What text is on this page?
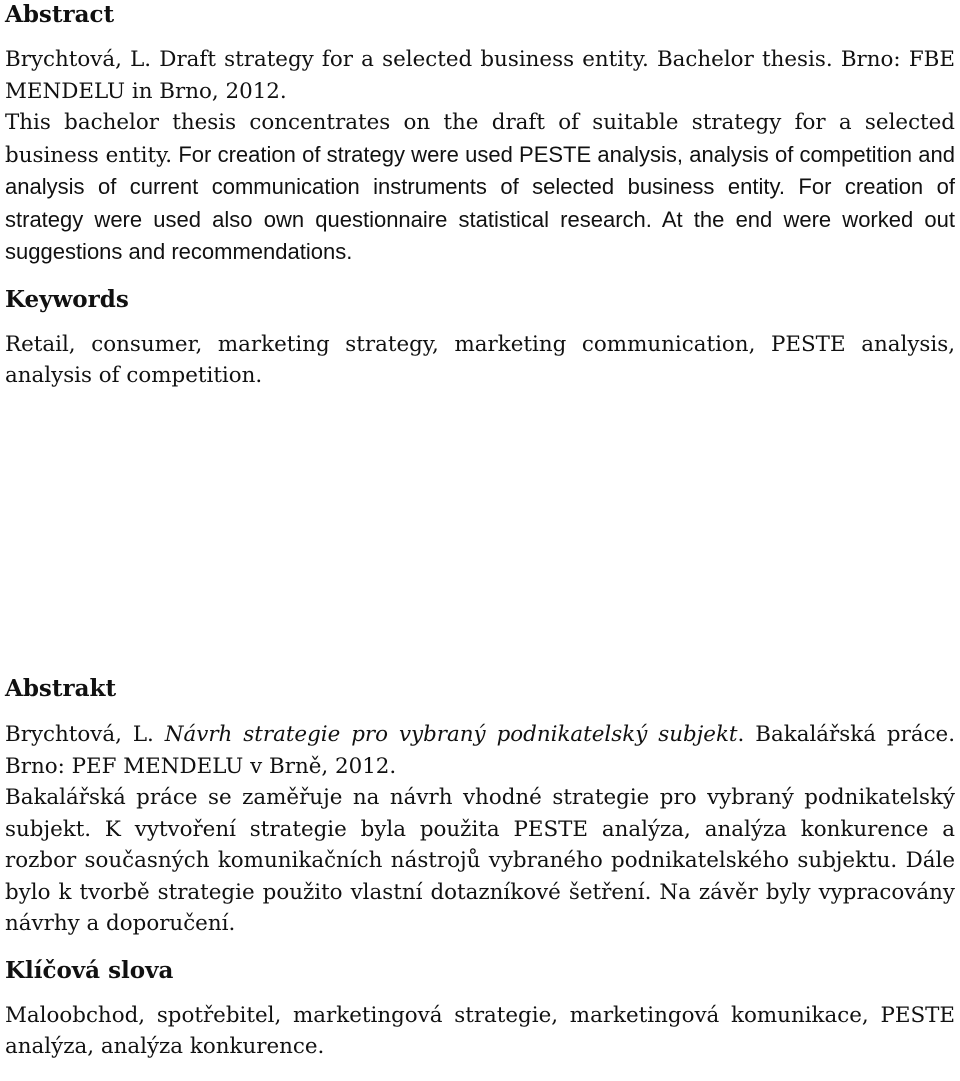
Abstract

Brychtová, L. Draft strategy for a selected business entity. Bachelor thesis. Brno: FBE MENDELU in Brno, 2012.
This bachelor thesis concentrates on the draft of suitable strategy for a selected business entity. For creation of strategy were used PESTE analysis, analysis of competition and analysis of current communication instruments of selected business entity. For creation of strategy were used also own questionnaire statistical research. At the end were worked out suggestions and recommendations.

Keywords

Retail, consumer, marketing strategy, marketing communication, PESTE analysis, analysis of competition.

Abstrakt

Brychtová, L. Návrh strategie pro vybraný podnikatelský subjekt. Bakalářská práce. Brno: PEF MENDELU v Brně, 2012.
Bakalářská práce se zaměřuje na návrh vhodné strategie pro vybraný podnikatelský subjekt. K vytvoření strategie byla použita PESTE analýza, analýza konkurence a rozbor současných komunikačních nástrojů vybraného podnikatelského subjektu. Dále bylo k tvorbě strategie použito vlastní dotazníkové šetření. Na závěr byly vypracovány návrhy a doporučení.

Klíčová slova

Maloobchod, spotřebitel, marketingová strategie, marketingová komunikace, PESTE analýza, analýza konkurence.
